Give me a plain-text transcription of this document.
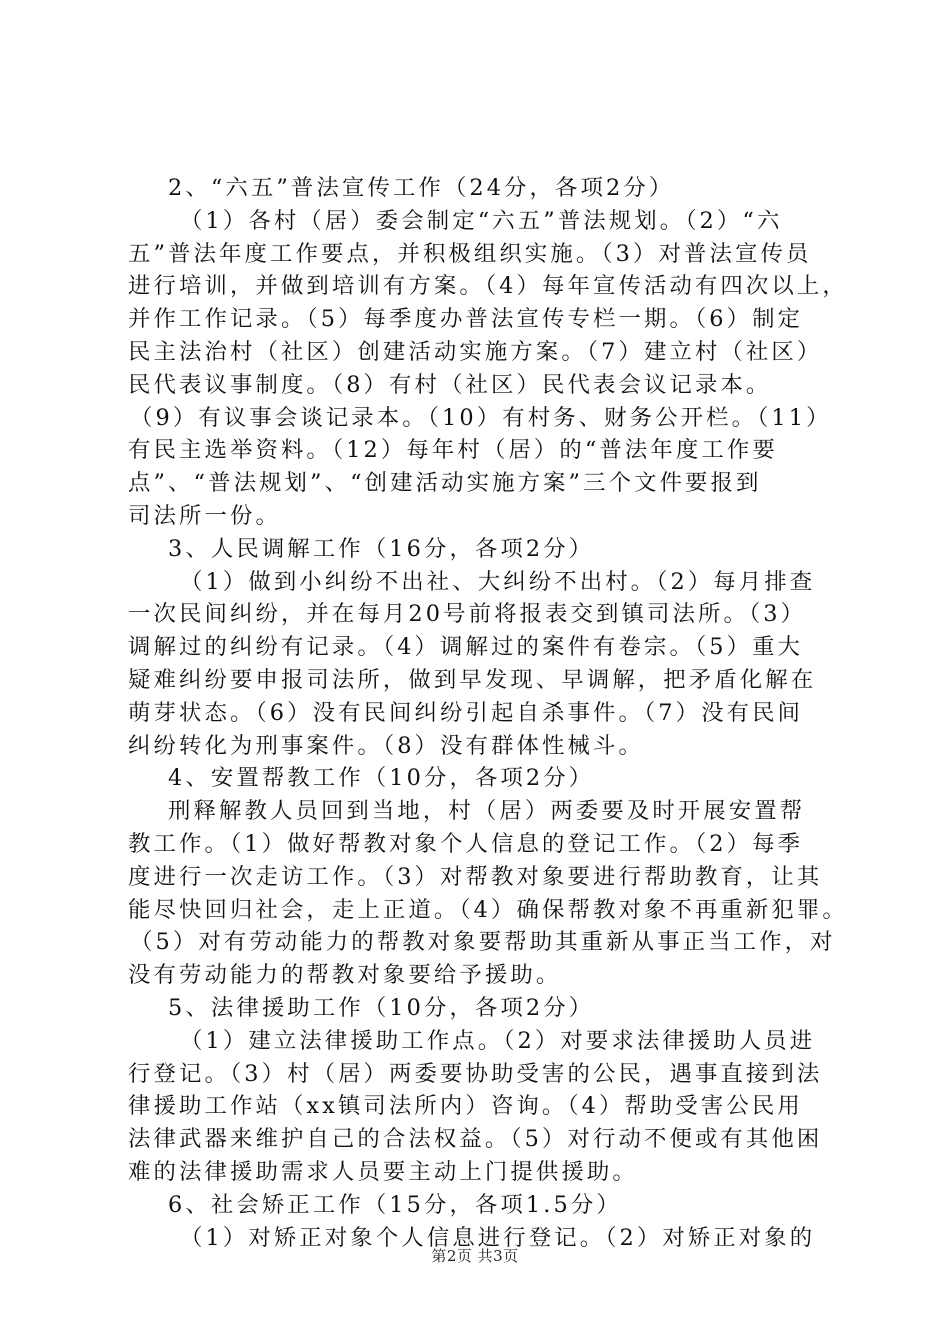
2、“六五”普法宣传工作（24分，各项2分）
（1）各村（居）委会制定“六五”普法规划。（2）“六
五”普法年度工作要点，并积极组织实施。（3）对普法宣传员
进行培训，并做到培训有方案。（4）每年宣传活动有四次以上，
并作工作记录。（5）每季度办普法宣传专栏一期。（6）制定
民主法治村（社区）创建活动实施方案。（7）建立村（社区）
民代表议事制度。（8）有村（社区）民代表会议记录本。
（9）有议事会谈记录本。（10）有村务、财务公开栏。（11）
有民主选举资料。（12）每年村（居）的“普法年度工作要
点”、“普法规划”、“创建活动实施方案”三个文件要报到
司法所一份。
3、人民调解工作（16分，各项2分）
（1）做到小纠纷不出社、大纠纷不出村。（2）每月排查
一次民间纠纷，并在每月20号前将报表交到镇司法所。（3）
调解过的纠纷有记录。（4）调解过的案件有卷宗。（5）重大
疑难纠纷要申报司法所，做到早发现、早调解，把矛盾化解在
萌芽状态。（6）没有民间纠纷引起自杀事件。（7）没有民间
纠纷转化为刑事案件。（8）没有群体性械斗。
4、安置帮教工作（10分，各项2分）
刑释解教人员回到当地，村（居）两委要及时开展安置帮
教工作。（1）做好帮教对象个人信息的登记工作。（2）每季
度进行一次走访工作。（3）对帮教对象要进行帮助教育，让其
能尽快回归社会，走上正道。（4）确保帮教对象不再重新犯罪。
（5）对有劳动能力的帮教对象要帮助其重新从事正当工作，对
没有劳动能力的帮教对象要给予援助。
5、法律援助工作（10分，各项2分）
（1）建立法律援助工作点。（2）对要求法律援助人员进
行登记。（3）村（居）两委要协助受害的公民，遇事直接到法
律援助工作站（xx镇司法所内）咨询。（4）帮助受害公民用
法律武器来维护自己的合法权益。（5）对行动不便或有其他困
难的法律援助需求人员要主动上门提供援助。
6、社会矫正工作（15分，各项1.5分）
（1）对矫正对象个人信息进行登记。（2）对矫正对象的
第2页 共3页
